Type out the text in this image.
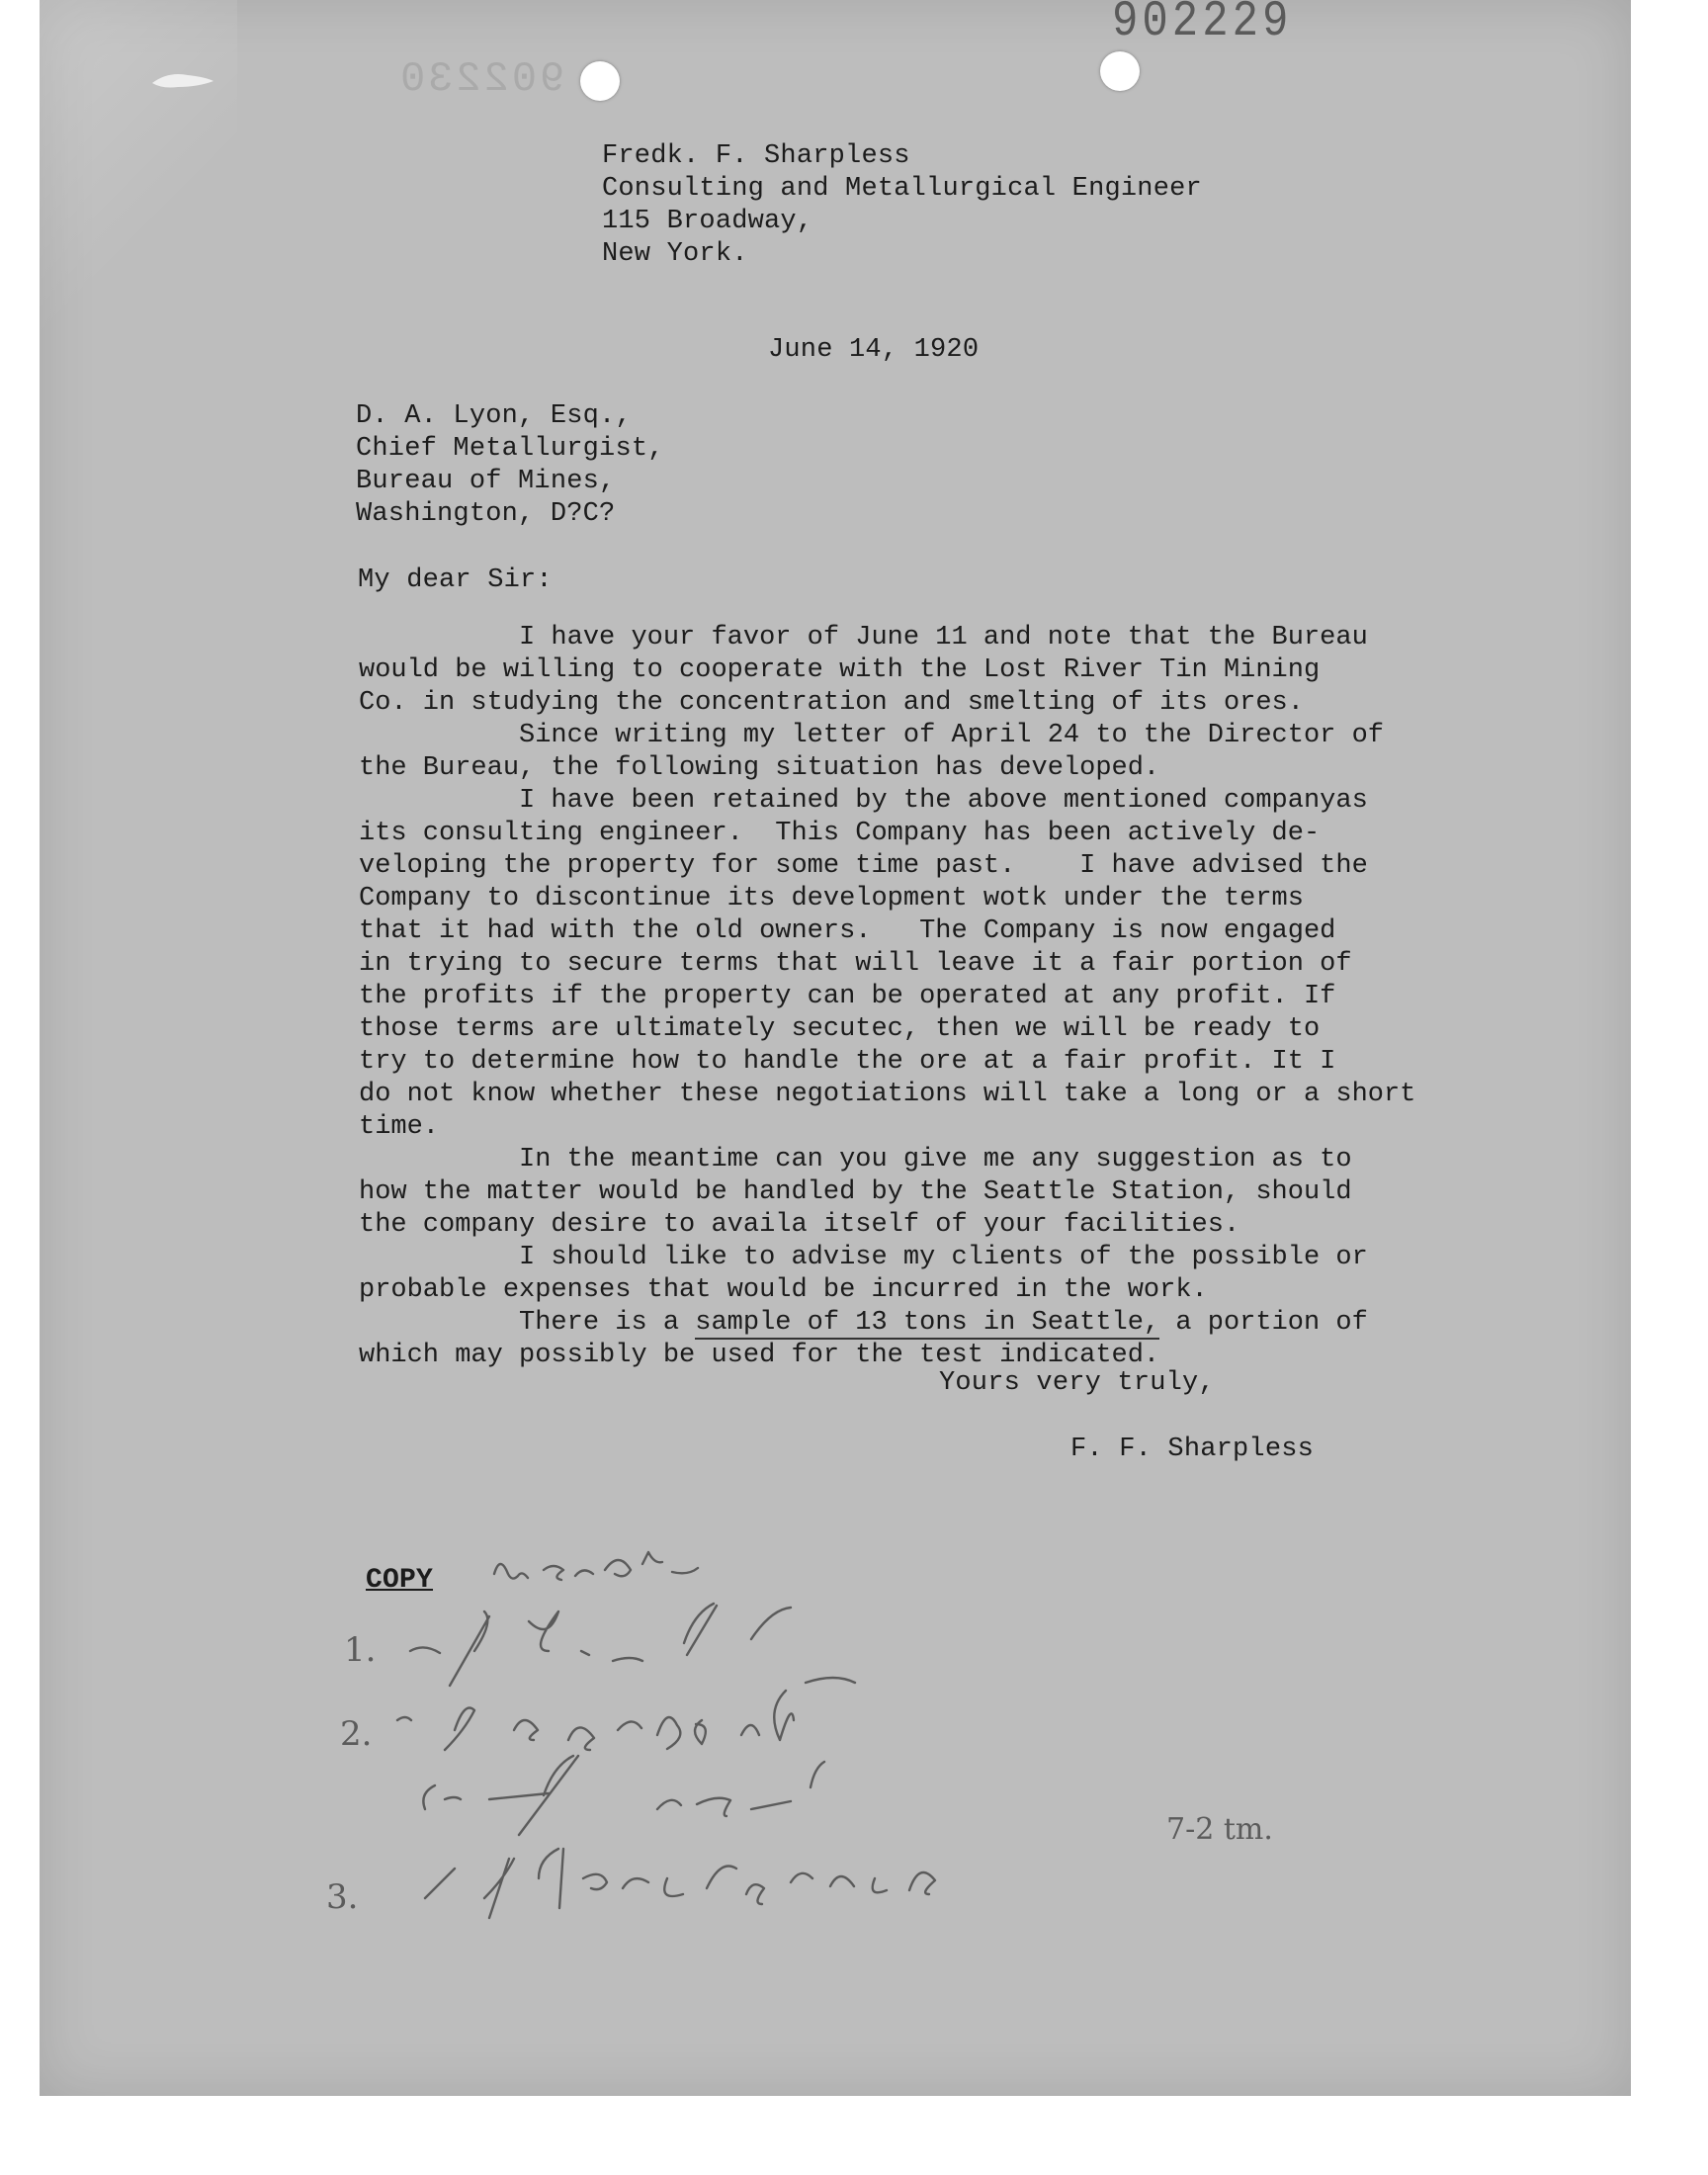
902229
902230
Fredk. F. Sharpless
Consulting and Metallurgical Engineer
115 Broadway,
New York.
June 14, 1920
D. A. Lyon, Esq.,
Chief Metallurgist,
Bureau of Mines,
Washington, D?C?
My dear Sir:
I have your favor of June 11 and note that the Bureau
would be willing to cooperate with the Lost River Tin Mining
Co. in studying the concentration and smelting of its ores.
Since writing my letter of April 24 to the Director of
the Bureau, the following situation has developed.
I have been retained by the above mentioned companyas
its consulting engineer.  This Company has been actively de-
veloping the property for some time past.    I have advised the
Company to discontinue its development wotk under the terms
that it had with the old owners.   The Company is now engaged
in trying to secure terms that will leave it a fair portion of
the profits if the property can be operated at any profit. If
those terms are ultimately secutec, then we will be ready to
try to determine how to handle the ore at a fair profit. It I
do not know whether these negotiations will take a long or a short
time.
In the meantime can you give me any suggestion as to
how the matter would be handled by the Seattle Station, should
the company desire to availa itself of your facilities.
I should like to advise my clients of the possible or
probable expenses that would be incurred in the work.
There is a sample of 13 tons in Seattle, a portion of
which may possibly be used for the test indicated.
Yours very truly,
F. F. Sharpless
COPY
1.
2.
3.
7-2 tm.
